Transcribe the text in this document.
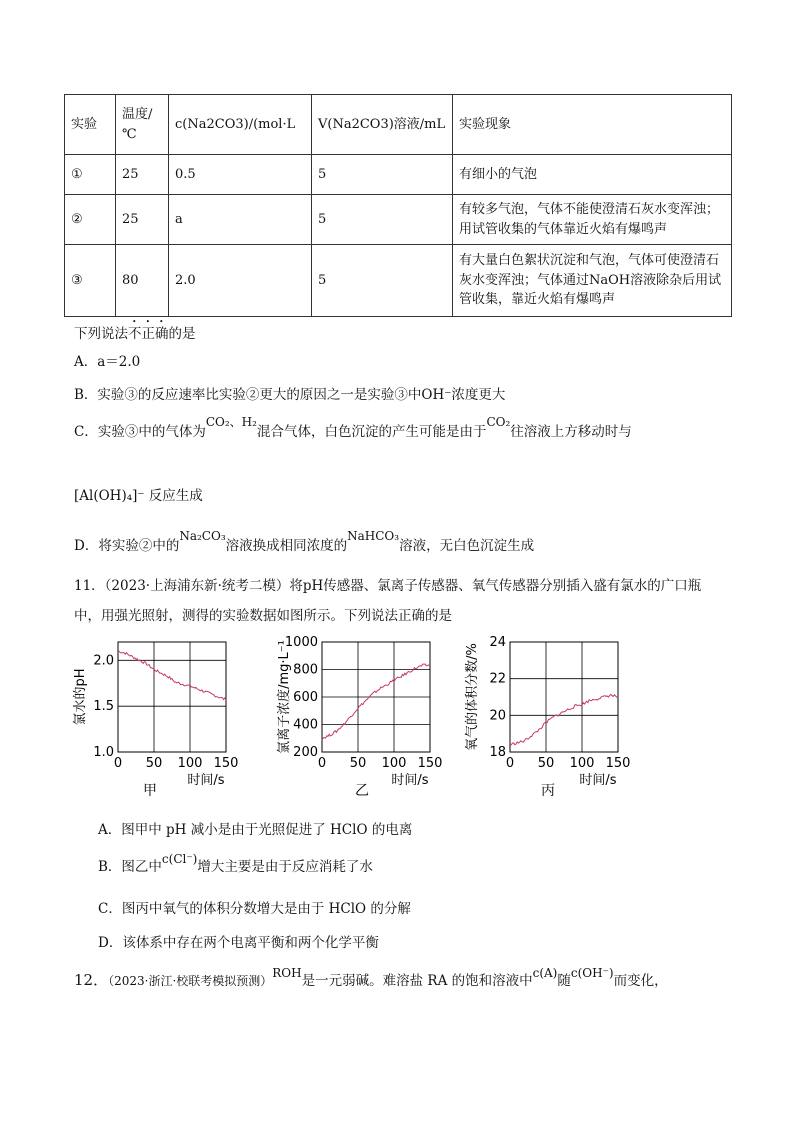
实验	温度/℃	c(Na2CO3)/(mol·L	V(Na2CO3)溶液/mL	实验现象
①	25	0.5	5	有细小的气泡
②	25	a	5	有较多气泡，气体不能使澄清石灰水变浑浊；用试管收集的气体靠近火焰有爆鸣声
③	80	2.0	5	有大量白色絮状沉淀和气泡，气体可使澄清石灰水变浑浊；气体通过NaOH溶液除杂后用试管收集，靠近火焰有爆鸣声
下列说法不正确的是
A．a＝2.0
B．实验③的反应速率比实验②更大的原因之一是实验③中OH⁻浓度更大
C．实验③中的气体为CO₂、H₂混合气体，白色沉淀的产生可能是由于CO₂往溶液上方移动时与
[Al(OH)₄]⁻ 反应生成
D．将实验②中的Na₂CO₃溶液换成相同浓度的NaHCO₃溶液，无白色沉淀生成
11．（2023·上海浦东新·统考二模）将pH传感器、氯离子传感器、氧气传感器分别插入盛有氯水的广口瓶
中，用强光照射，测得的实验数据如图所示。下列说法正确的是
0 50 100 150
1.0
1.5
2.0
时间/s
氯水的pH
甲
0 50 100 150
200
400
600
800
1000
时间/s
氯离子浓度/mg·L⁻¹
乙
0 50 100 150
18
20
22
24
时间/s
氧气的体积分数/%
丙
A．图甲中 pH 减小是由于光照促进了 HClO 的电离
B．图乙中c(Cl⁻)增大主要是由于反应消耗了水
C．图丙中氧气的体积分数增大是由于 HClO 的分解
D．该体系中存在两个电离平衡和两个化学平衡
12．（2023·浙江·校联考模拟预测）ROH是一元弱碱。难溶盐 RA 的饱和溶液中c(A)随c(OH⁻)而变化，
